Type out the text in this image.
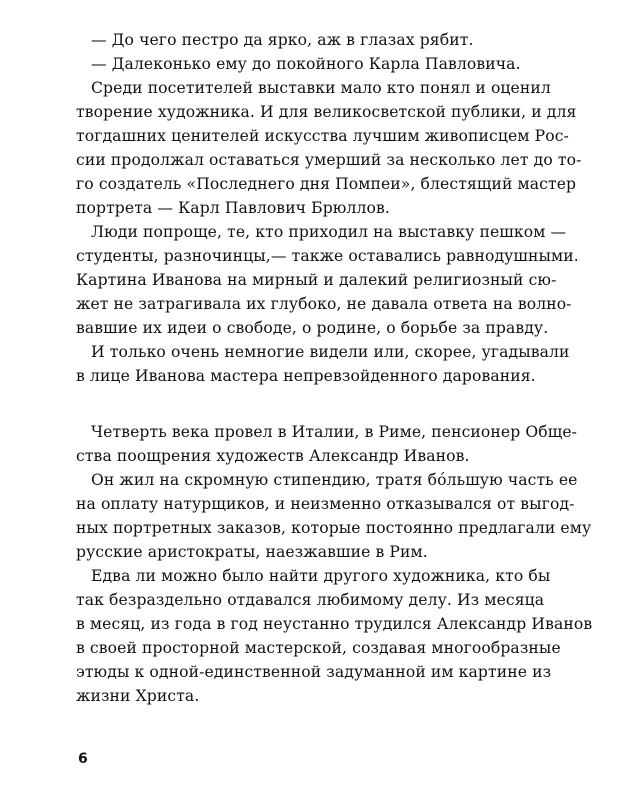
— До чего пестро да ярко, аж в глазах рябит.
— Далеконько ему до покойного Карла Павловича.
Среди посетителей выставки мало кто понял и оценил
творение художника. И для великосветской публики, и для
тогдашних ценителей искусства лучшим живописцем Рос-
сии продолжал оставаться умерший за несколько лет до то-
го создатель «Последнего дня Помпеи», блестящий мастер
портрета — Карл Павлович Брюллов.
Люди попроще, те, кто приходил на выставку пешком —
студенты, разночинцы,— также оставались равнодушными.
Картина Иванова на мирный и далекий религиозный сю-
жет не затрагивала их глубоко, не давала ответа на волно-
вавшие их идеи о свободе, о родине, о борьбе за правду.
И только очень немногие видели или, скорее, угадывали
в лице Иванова мастера непревзойденного дарования.
Четверть века провел в Италии, в Риме, пенсионер Обще-
ства поощрения художеств Александр Иванов.
Он жил на скромную стипендию, тратя бо́льшую часть ее
на оплату натурщиков, и неизменно отказывался от выгод-
ных портретных заказов, которые постоянно предлагали ему
русские аристократы, наезжавшие в Рим.
Едва ли можно было найти другого художника, кто бы
так безраздельно отдавался любимому делу. Из месяца
в месяц, из года в год неустанно трудился Александр Иванов
в своей просторной мастерской, создавая многообразные
этюды к одной-единственной задуманной им картине из
жизни Христа.
6
